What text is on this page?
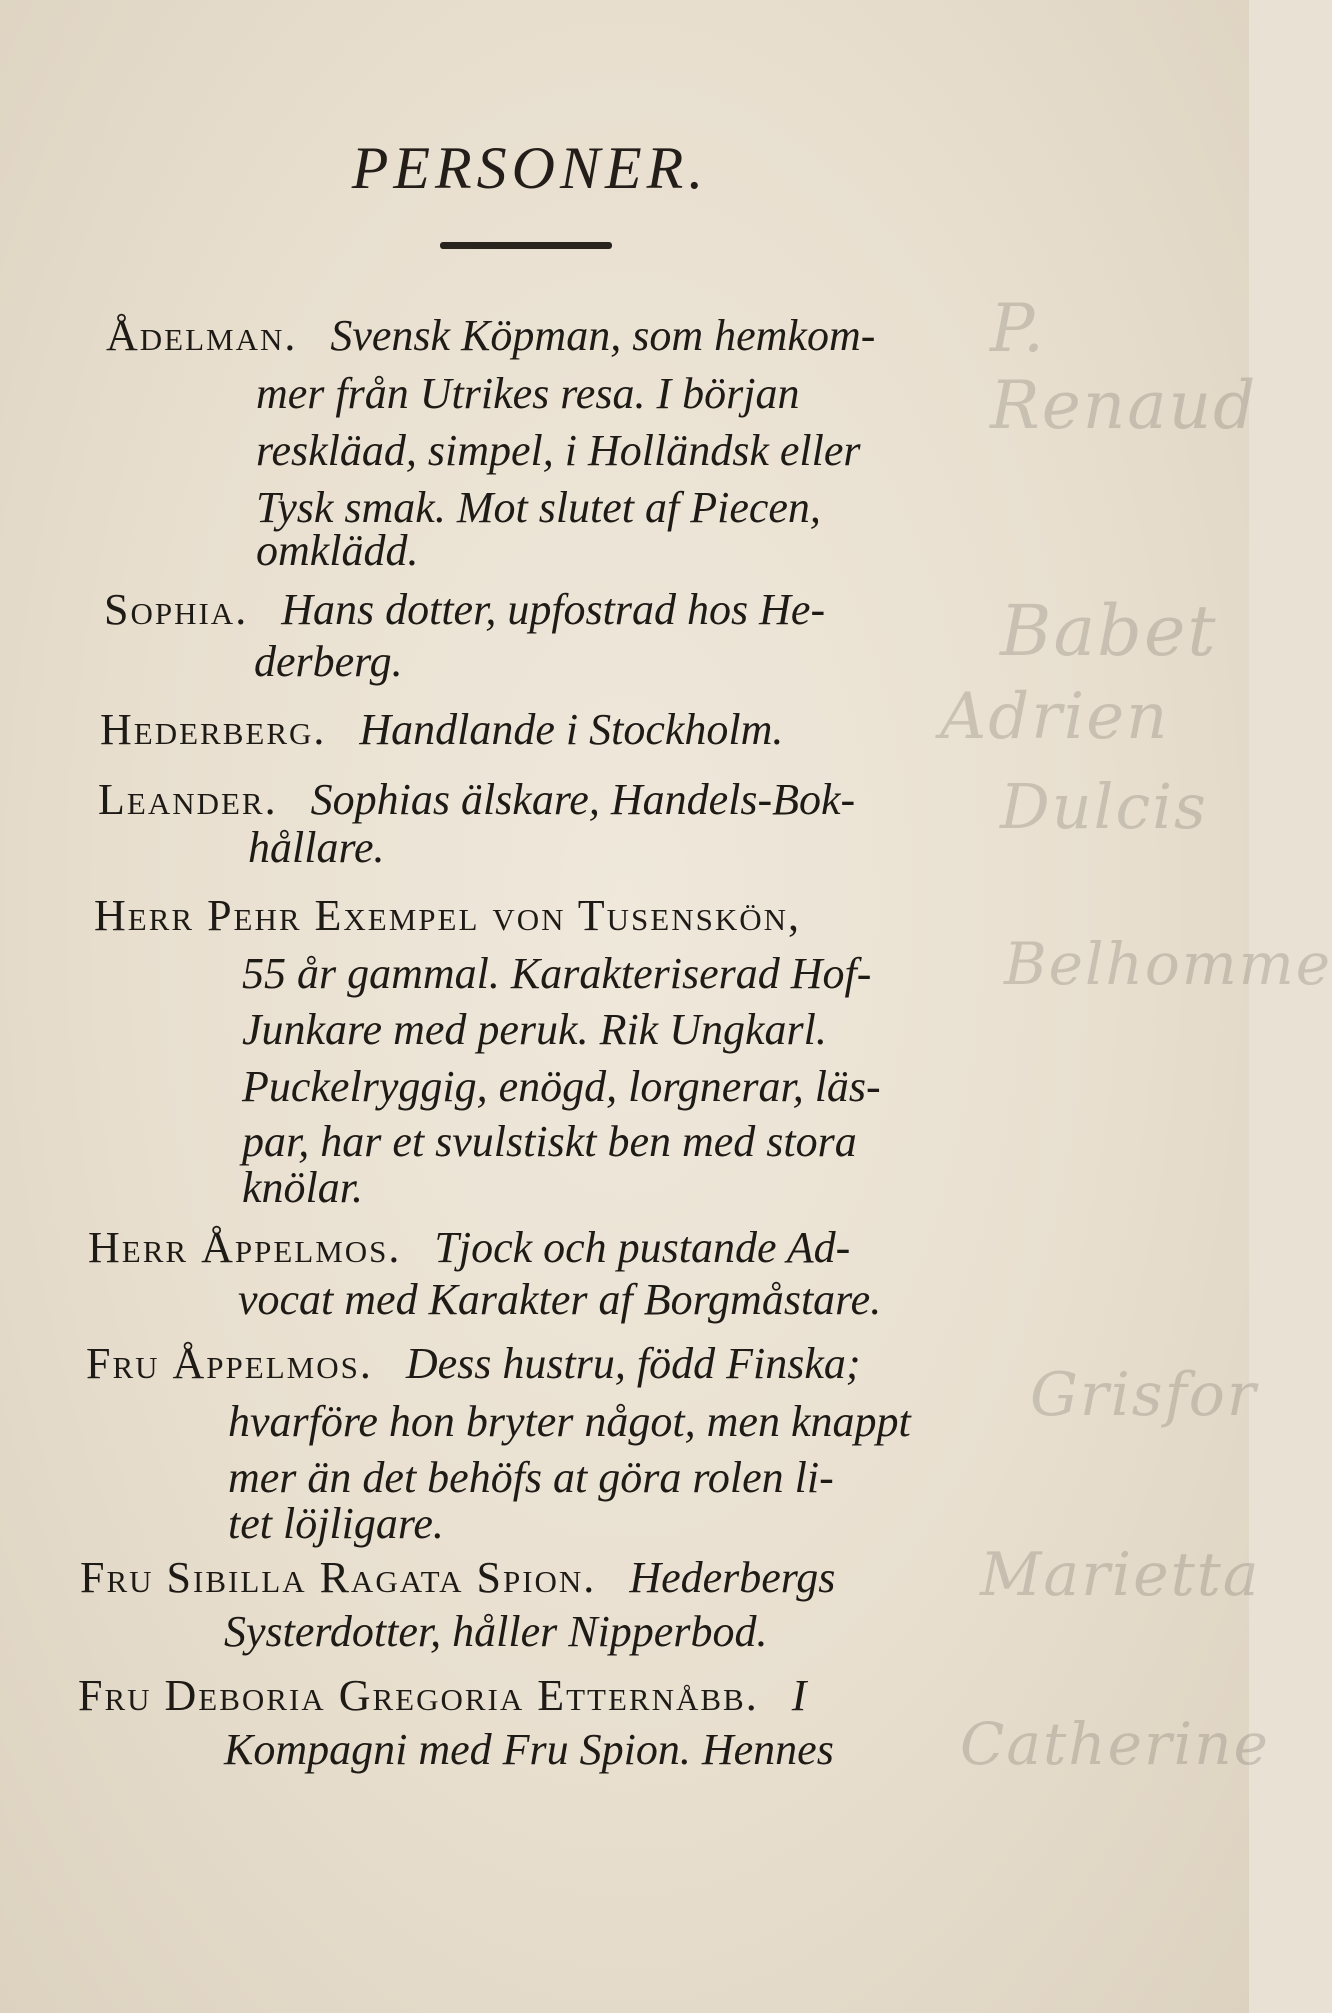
PERSONER.
Ådelman. Svensk Köpman, som hemkom-
mer från Utrikes resa. I början
reskläad, simpel, i Holländsk eller
Tysk smak. Mot slutet af Piecen,
omklädd.
Sophia. Hans dotter, upfostrad hos He-
derberg.
Hederberg. Handlande i Stockholm.
Leander. Sophias älskare, Handels-Bok-
hållare.
Herr Pehr Exempel von Tusenskön,
55 år gammal. Karakteriserad Hof-
Junkare med peruk. Rik Ungkarl.
Puckelryggig, enögd, lorgnerar, läs-
par, har et svulstiskt ben med stora
knölar.
Herr Åppelmos. Tjock och pustande Ad-
vocat med Karakter af Borgmåstare.
Fru Åppelmos. Dess hustru, född Finska;
hvarföre hon bryter något, men knappt
mer än det behöfs at göra rolen li-
tet löjligare.
Fru Sibilla Ragata Spion. Hederbergs
Systerdotter, håller Nipperbod.
Fru Deboria Gregoria Etternåbb. I
Kompagni med Fru Spion. Hennes
P. Renaud
Babet
Adrien
Dulcis
Belhomme
Grisfor
Marietta
Catherine
